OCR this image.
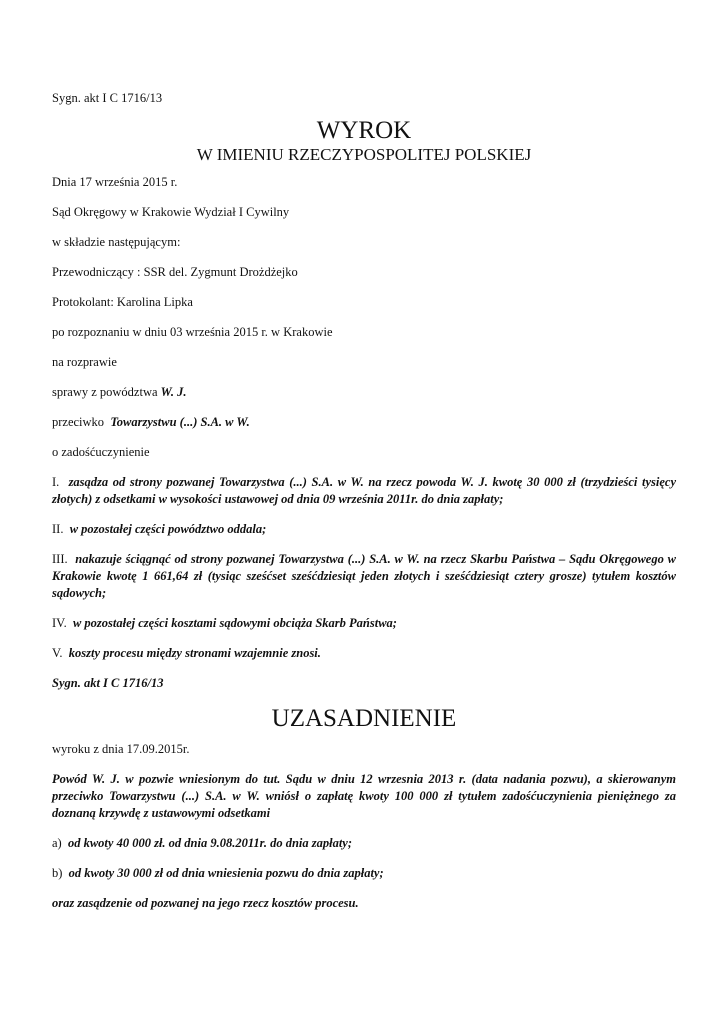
Sygn. akt I C 1716/13

WYROK
W IMIENIU RZECZYPOSPOLITEJ POLSKIEJ

Dnia 17 września 2015 r.

Sąd Okręgowy w Krakowie Wydział I Cywilny

w składzie następującym:

Przewodniczący : SSR del. Zygmunt Drożdżejko

Protokolant: Karolina Lipka

po rozpoznaniu w dniu 03 września 2015 r. w Krakowie

na rozprawie

sprawy z powództwa W. J.

przeciwko Towarzystwu (...) S.A. w W.

o zadośćuczynienie

I. zasądza od strony pozwanej Towarzystwa (...) S.A. w W. na rzecz powoda W. J. kwotę 30 000 zł (trzydzieści tysięcy złotych) z odsetkami w wysokości ustawowej od dnia 09 września 2011r. do dnia zapłaty;

II. w pozostałej części powództwo oddala;

III. nakazuje ściągnąć od strony pozwanej Towarzystwa (...) S.A. w W. na rzecz Skarbu Państwa – Sądu Okręgowego w Krakowie kwotę 1 661,64 zł (tysiąc sześćset sześćdziesiąt jeden złotych i sześćdziesiąt cztery grosze) tytułem kosztów sądowych;

IV. w pozostałej części kosztami sądowymi obciąża Skarb Państwa;

V. koszty procesu między stronami wzajemnie znosi.

Sygn. akt I C 1716/13

UZASADNIENIE

wyroku z dnia 17.09.2015r.

Powód W. J. w pozwie wniesionym do tut. Sądu w dniu 12 wrzesnia 2013 r. (data nadania pozwu), a skierowanym przeciwko Towarzystwu (...) S.A. w W. wniósł o zapłatę kwoty 100 000 zł tytułem zadośćuczynienia pieniężnego za doznaną krzywdę z ustawowymi odsetkami

a) od kwoty 40 000 zł. od dnia 9.08.2011r. do dnia zapłaty;

b) od kwoty 30 000 zł od dnia wniesienia pozwu do dnia zapłaty;

oraz zasądzenie od pozwanej na jego rzecz kosztów procesu.
